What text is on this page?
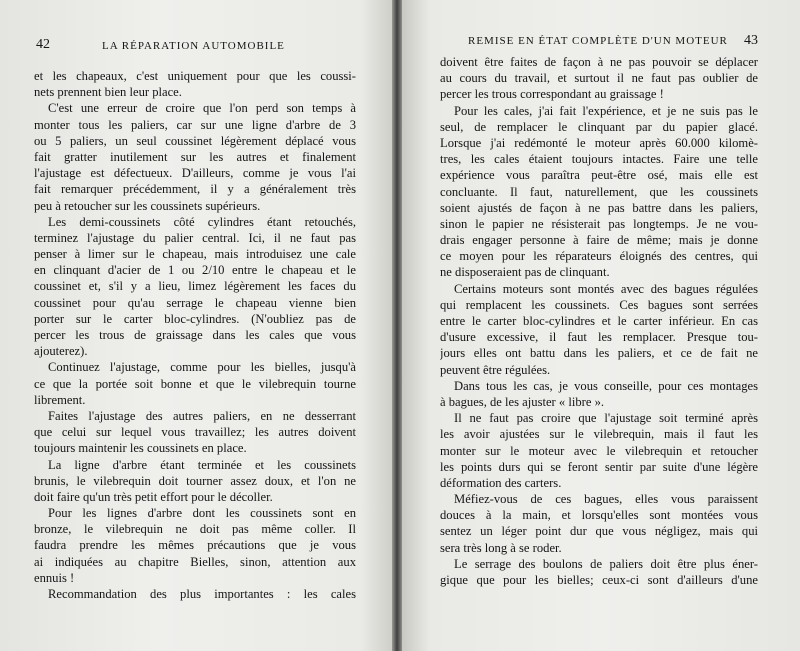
42	LA RÉPARATION AUTOMOBILE
et les chapeaux, c'est uniquement pour que les coussi-
nets prennent bien leur place.
C'est une erreur de croire que l'on perd son temps à
monter tous les paliers, car sur une ligne d'arbre de 3
ou 5 paliers, un seul coussinet légèrement déplacé vous
fait gratter inutilement sur les autres et finalement
l'ajustage est défectueux. D'ailleurs, comme je vous l'ai
fait remarquer précédemment, il y a généralement très
peu à retoucher sur les coussinets supérieurs.
Les demi-coussinets côté cylindres étant retouchés,
terminez l'ajustage du palier central. Ici, il ne faut pas
penser à limer sur le chapeau, mais introduisez une cale
en clinquant d'acier de 1 ou 2/10 entre le chapeau et le
coussinet et, s'il y a lieu, limez légèrement les faces du
coussinet pour qu'au serrage le chapeau vienne bien
porter sur le carter bloc-cylindres. (N'oubliez pas de
percer les trous de graissage dans les cales que vous
ajouterez).
Continuez l'ajustage, comme pour les bielles, jusqu'à
ce que la portée soit bonne et que le vilebrequin tourne
librement.
Faites l'ajustage des autres paliers, en ne desserrant
que celui sur lequel vous travaillez; les autres doivent
toujours maintenir les coussinets en place.
La ligne d'arbre étant terminée et les coussinets
brunis, le vilebrequin doit tourner assez doux, et l'on ne
doit faire qu'un très petit effort pour le décoller.
Pour les lignes d'arbre dont les coussinets sont en
bronze, le vilebrequin ne doit pas même coller. Il
faudra prendre les mêmes précautions que je vous
ai indiquées au chapitre Bielles, sinon, attention aux
ennuis !
Recommandation des plus importantes : les cales
REMISE EN ÉTAT COMPLÈTE D'UN MOTEUR 43
doivent être faites de façon à ne pas pouvoir se déplacer
au cours du travail, et surtout il ne faut pas oublier de
percer les trous correspondant au graissage !
Pour les cales, j'ai fait l'expérience, et je ne suis pas le
seul, de remplacer le clinquant par du papier glacé.
Lorsque j'ai redémonté le moteur après 60.000 kilomè-
tres, les cales étaient toujours intactes. Faire une telle
expérience vous paraîtra peut-être osé, mais elle est
concluante. Il faut, naturellement, que les coussinets
soient ajustés de façon à ne pas battre dans les paliers,
sinon le papier ne résisterait pas longtemps. Je ne vou-
drais engager personne à faire de même; mais je donne
ce moyen pour les réparateurs éloignés des centres, qui
ne disposeraient pas de clinquant.
Certains moteurs sont montés avec des bagues régulées
qui remplacent les coussinets. Ces bagues sont serrées
entre le carter bloc-cylindres et le carter inférieur. En cas
d'usure excessive, il faut les remplacer. Presque tou-
jours elles ont battu dans les paliers, et ce de fait ne
peuvent être régulées.
Dans tous les cas, je vous conseille, pour ces montages
à bagues, de les ajuster « libre ».
Il ne faut pas croire que l'ajustage soit terminé après
les avoir ajustées sur le vilebrequin, mais il faut les
monter sur le moteur avec le vilebrequin et retoucher
les points durs qui se feront sentir par suite d'une légère
déformation des carters.
Méfiez-vous de ces bagues, elles vous paraissent
douces à la main, et lorsqu'elles sont montées vous
sentez un léger point dur que vous négligez, mais qui
sera très long à se roder.
Le serrage des boulons de paliers doit être plus éner-
gique que pour les bielles; ceux-ci sont d'ailleurs d'une
